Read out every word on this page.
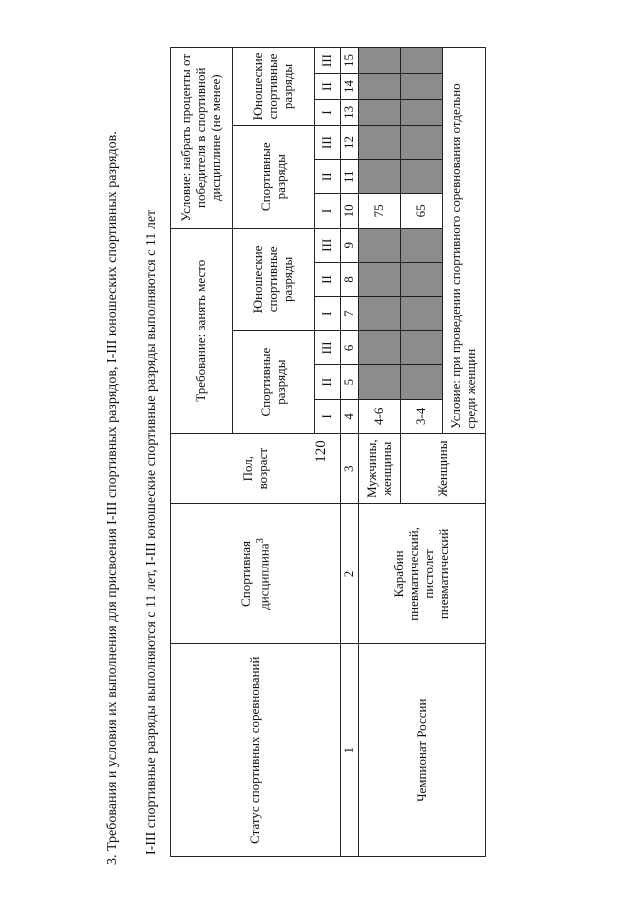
120
3. Требования и условия их выполнения для присвоения I-III спортивных разрядов, I-III юношеских спортивных разрядов. I-III спортивные разряды выполняются с 11 лет, I-III юношеские спортивные разряды выполняются с 11 лет	Статус спортивных соревнований	Спортивная дисциплина$^3$	Пол, возраст	Требование: занять место						Условие: набрать проценты от победителя в спортивной дисциплине (не менее)					
			Спортивные разряды			Юношеские спортивные разряды			Спортивные разряды			Юношеские спортивные разряды		
			I	II	III	I	II	III	I	II	III	I	II	III
1	2	3	4	5	6	7	8	9	10	11	12	13	14	15
Чемпионат России	Карабин пневматический, пистолет пневматический	Мужчины, женщины	4-6						75					
		Женщины	3-4						65					
			Условие: при проведении спортивного соревнования отдельно среди женщин											
